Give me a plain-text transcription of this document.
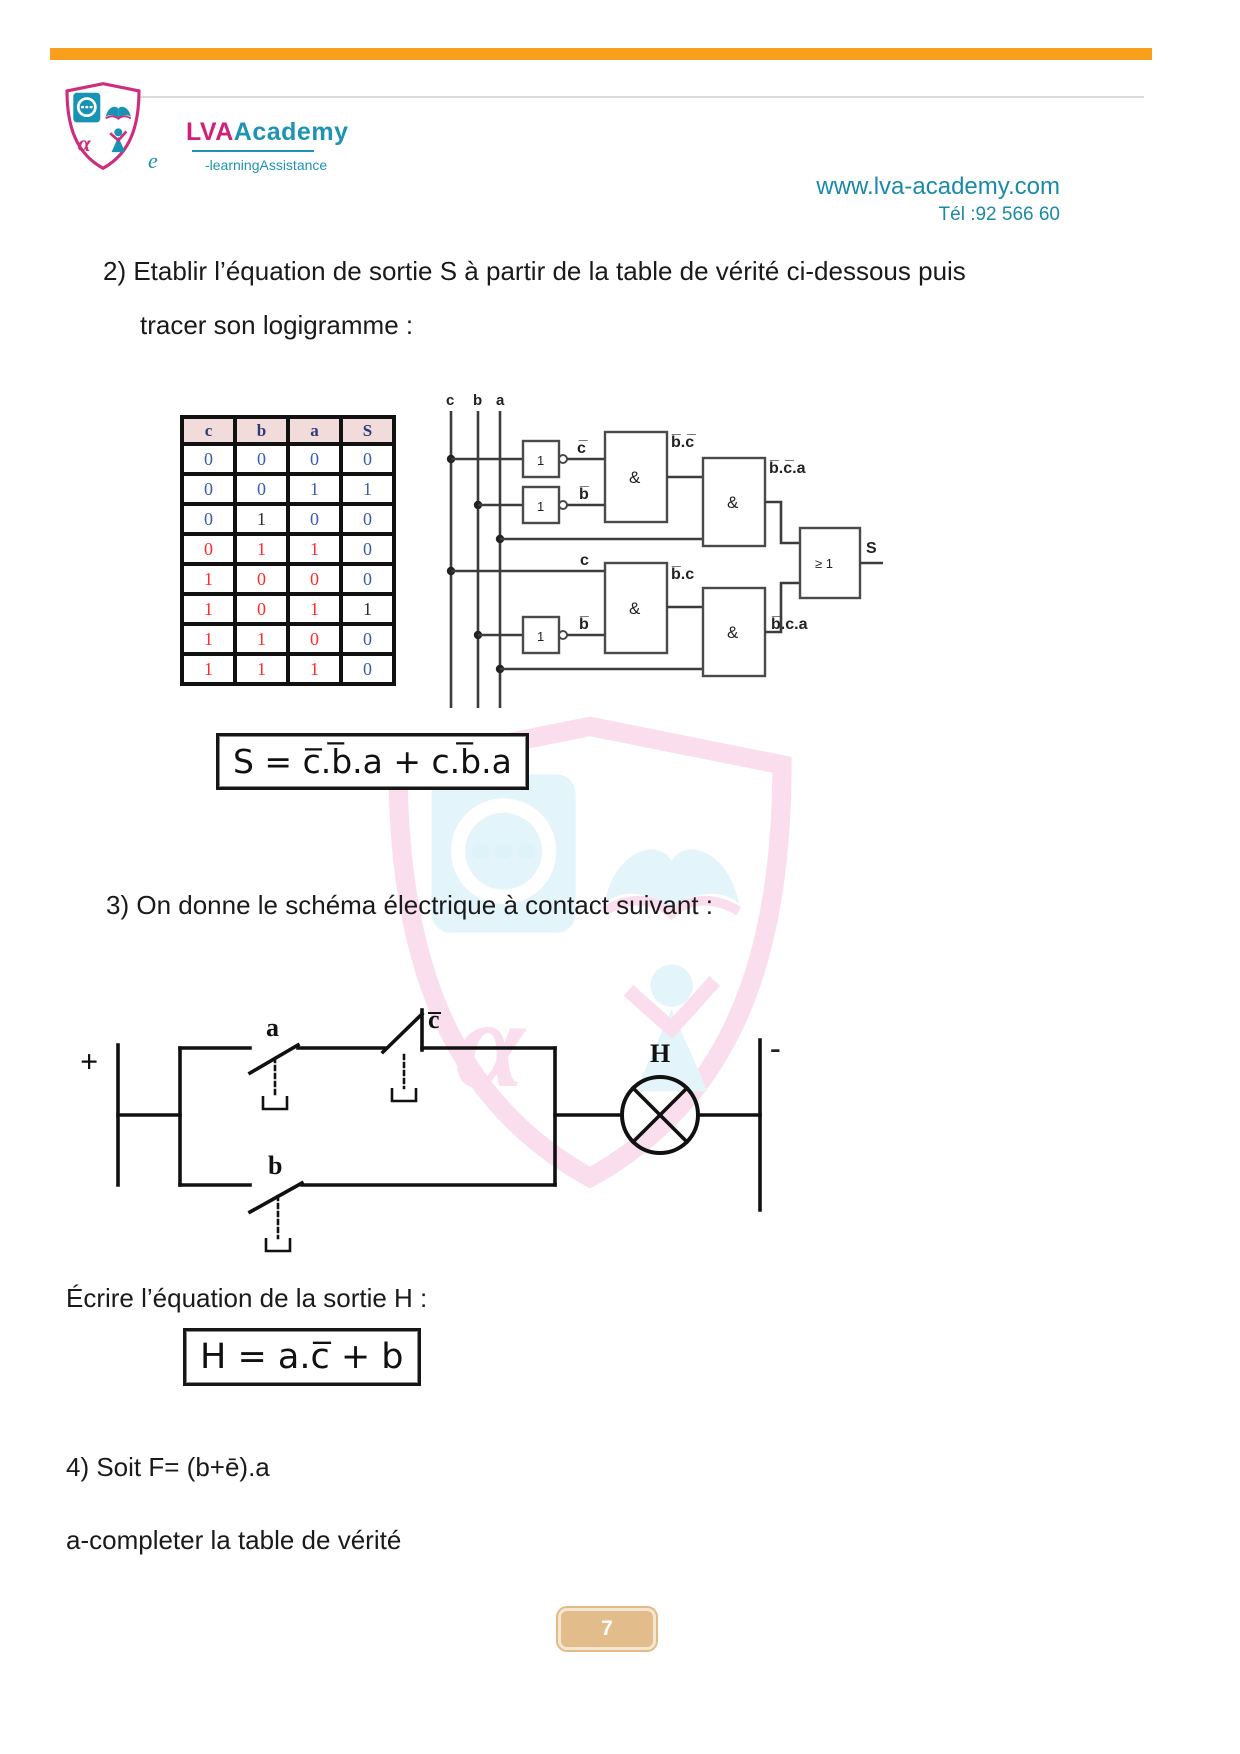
α
α	LVAAcademy
e	-learningAssistance
www.lva-academy.com
Tél :92 566 60
2) Etablir l’équation de sortie S à partir de la table de vérité ci-dessous puis
tracer son logigramme :
c	b	a	S
0	0	0	0
0	0	1	1
0	1	0	0
0	1	1	0
1	0	0	0
1	0	1	1
1	1	0	0
1	1	1	0
c b a
1
c̅
1
b̅
&
b̅.c̅
&
b̅.c̅.a
c
1
b̅
&
b̅.c
& b̅.c.a
≥ 1
S
S = c̅.b̅.a + c.b̅.a
3) On donne le schéma électrique à contact suivant :
+
a	c̅
b
H	-
Écrire l’équation de la sortie H :
H = a.c̅ + b
4) Soit F= (b+ē).a
a-completer la table de vérité
7
